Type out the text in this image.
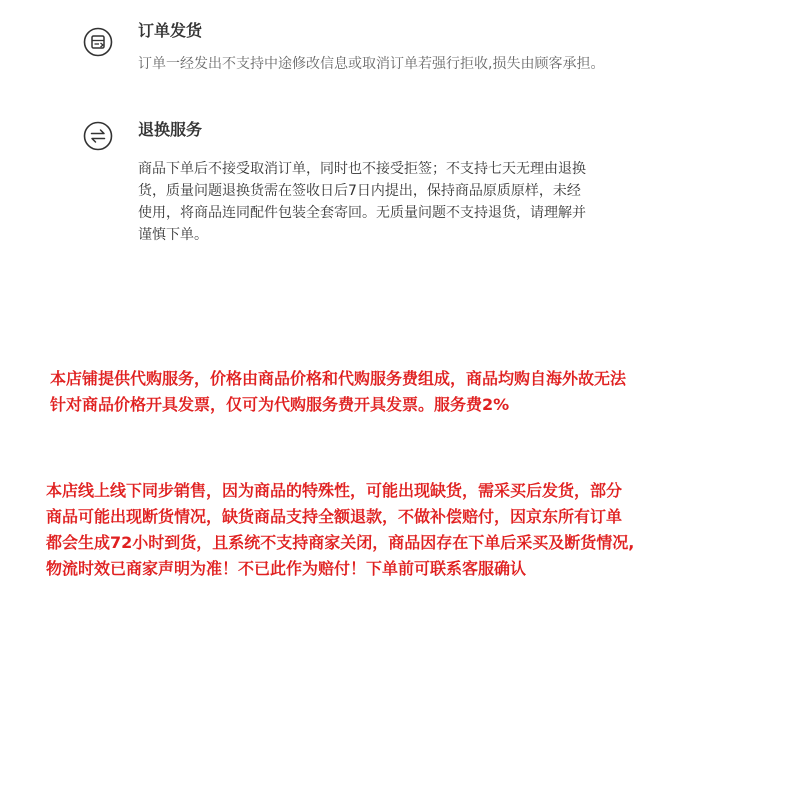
订单发货
订单一经发出不支持中途修改信息或取消订单若强行拒收,损失由顾客承担。
退换服务
商品下单后不接受取消订单，同时也不接受拒签；不支持七天无理由退换
货，质量问题退换货需在签收日后7日内提出，保持商品原质原样，未经
使用，将商品连同配件包装全套寄回。无质量问题不支持退货，请理解并
谨慎下单。
本店铺提供代购服务，价格由商品价格和代购服务费组成，商品均购自海外故无法
针对商品价格开具发票，仅可为代购服务费开具发票。服务费2%
本店线上线下同步销售，因为商品的特殊性，可能出现缺货，需采买后发货，部分
商品可能出现断货情况，缺货商品支持全额退款，不做补偿赔付，因京东所有订单
都会生成72小时到货，且系统不支持商家关闭，商品因存在下单后采买及断货情况,
物流时效已商家声明为准！不已此作为赔付！下单前可联系客服确认
